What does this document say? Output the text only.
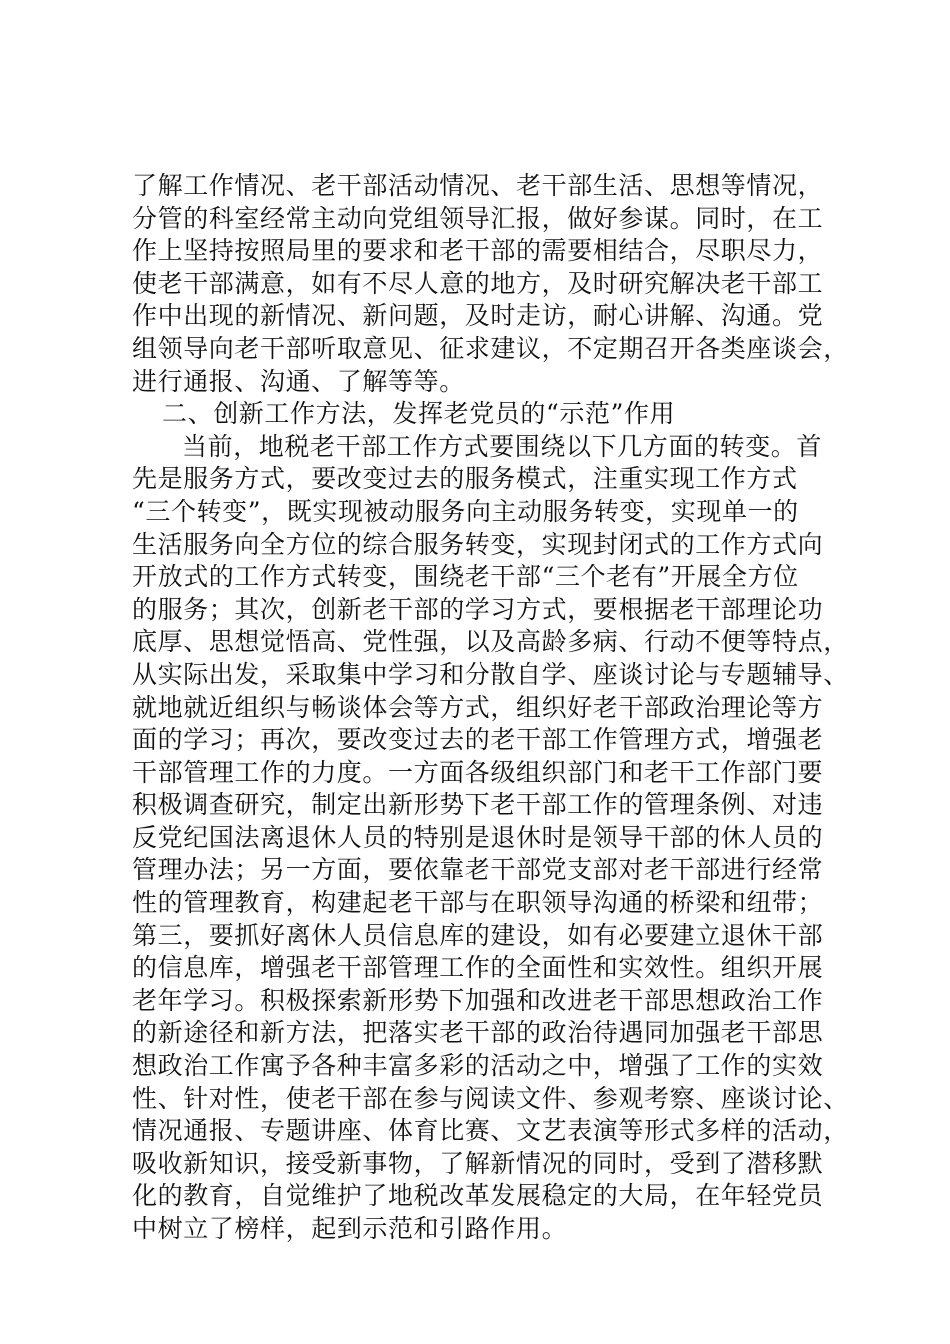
了解工作情况、老干部活动情况、老干部生活、思想等情况，
分管的科室经常主动向党组领导汇报，做好参谋。同时，在工
作上坚持按照局里的要求和老干部的需要相结合，尽职尽力，
使老干部满意，如有不尽人意的地方，及时研究解决老干部工
作中出现的新情况、新问题，及时走访，耐心讲解、沟通。党
组领导向老干部听取意见、征求建议，不定期召开各类座谈会，
进行通报、沟通、了解等等。
二、创新工作方法，发挥老党员的“示范”作用
当前，地税老干部工作方式要围绕以下几方面的转变。首
先是服务方式，要改变过去的服务模式，注重实现工作方式
“三个转变”，既实现被动服务向主动服务转变，实现单一的
生活服务向全方位的综合服务转变，实现封闭式的工作方式向
开放式的工作方式转变，围绕老干部“三个老有”开展全方位
的服务；其次，创新老干部的学习方式，要根据老干部理论功
底厚、思想觉悟高、党性强，以及高龄多病、行动不便等特点，
从实际出发，采取集中学习和分散自学、座谈讨论与专题辅导、
就地就近组织与畅谈体会等方式，组织好老干部政治理论等方
面的学习；再次，要改变过去的老干部工作管理方式，增强老
干部管理工作的力度。一方面各级组织部门和老干工作部门要
积极调查研究，制定出新形势下老干部工作的管理条例、对违
反党纪国法离退休人员的特别是退休时是领导干部的休人员的
管理办法；另一方面，要依靠老干部党支部对老干部进行经常
性的管理教育，构建起老干部与在职领导沟通的桥梁和纽带；
第三，要抓好离休人员信息库的建设，如有必要建立退休干部
的信息库，增强老干部管理工作的全面性和实效性。组织开展
老年学习。积极探索新形势下加强和改进老干部思想政治工作
的新途径和新方法，把落实老干部的政治待遇同加强老干部思
想政治工作寓予各种丰富多彩的活动之中，增强了工作的实效
性、针对性，使老干部在参与阅读文件、参观考察、座谈讨论、
情况通报、专题讲座、体育比赛、文艺表演等形式多样的活动，
吸收新知识，接受新事物，了解新情况的同时，受到了潜移默
化的教育，自觉维护了地税改革发展稳定的大局，在年轻党员
中树立了榜样，起到示范和引路作用。
